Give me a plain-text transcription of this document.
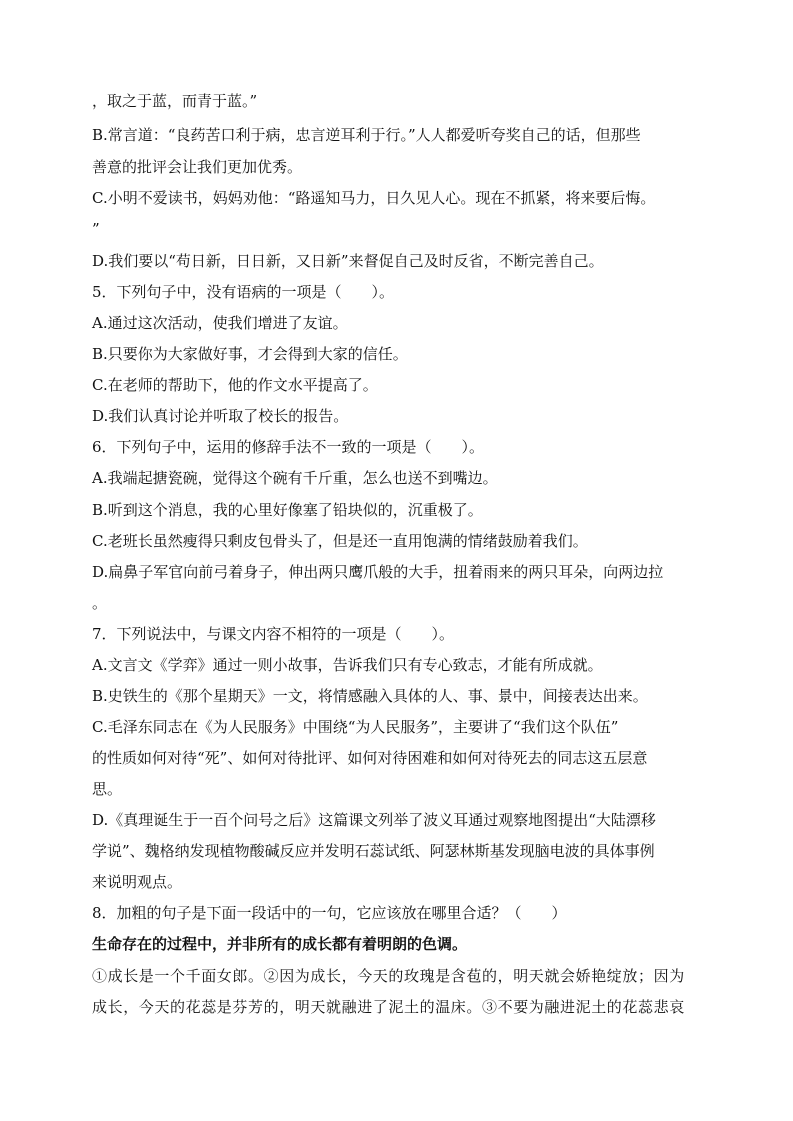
，取之于蓝，而青于蓝。”

B.常言道：“良药苦口利于病，忠言逆耳利于行。”人人都爱听夸奖自己的话，但那些

善意的批评会让我们更加优秀。

C.小明不爱读书，妈妈劝他：“路遥知马力，日久见人心。现在不抓紧，将来要后悔。

”

D.我们要以“苟日新，日日新，又日新”来督促自己及时反省，不断完善自己。

5．下列句子中，没有语病的一项是（　　）。

A.通过这次活动，使我们增进了友谊。

B.只要你为大家做好事，才会得到大家的信任。

C.在老师的帮助下，他的作文水平提高了。

D.我们认真讨论并听取了校长的报告。

6．下列句子中，运用的修辞手法不一致的一项是（　　）。

A.我端起搪瓷碗，觉得这个碗有千斤重，怎么也送不到嘴边。

B.听到这个消息，我的心里好像塞了铅块似的，沉重极了。

C.老班长虽然瘦得只剩皮包骨头了，但是还一直用饱满的情绪鼓励着我们。

D.扁鼻子军官向前弓着身子，伸出两只鹰爪般的大手，扭着雨来的两只耳朵，向两边拉

。

7．下列说法中，与课文内容不相符的一项是（　　）。

A.文言文《学弈》通过一则小故事，告诉我们只有专心致志，才能有所成就。

B.史铁生的《那个星期天》一文，将情感融入具体的人、事、景中，间接表达出来。

C.毛泽东同志在《为人民服务》中围绕“为人民服务”，主要讲了“我们这个队伍”

的性质如何对待“死”、如何对待批评、如何对待困难和如何对待死去的同志这五层意

思。

D.《真理诞生于一百个问号之后》这篇课文列举了波义耳通过观察地图提出“大陆漂移

学说”、魏格纳发现植物酸碱反应并发明石蕊试纸、阿瑟林斯基发现脑电波的具体事例

来说明观点。

8．加粗的句子是下面一段话中的一句，它应该放在哪里合适？（　　）

生命存在的过程中，并非所有的成长都有着明朗的色调。

①成长是一个千面女郎。②因为成长，今天的玫瑰是含苞的，明天就会娇艳绽放；因为

成长，今天的花蕊是芬芳的，明天就融进了泥土的温床。③不要为融进泥土的花蕊悲哀
